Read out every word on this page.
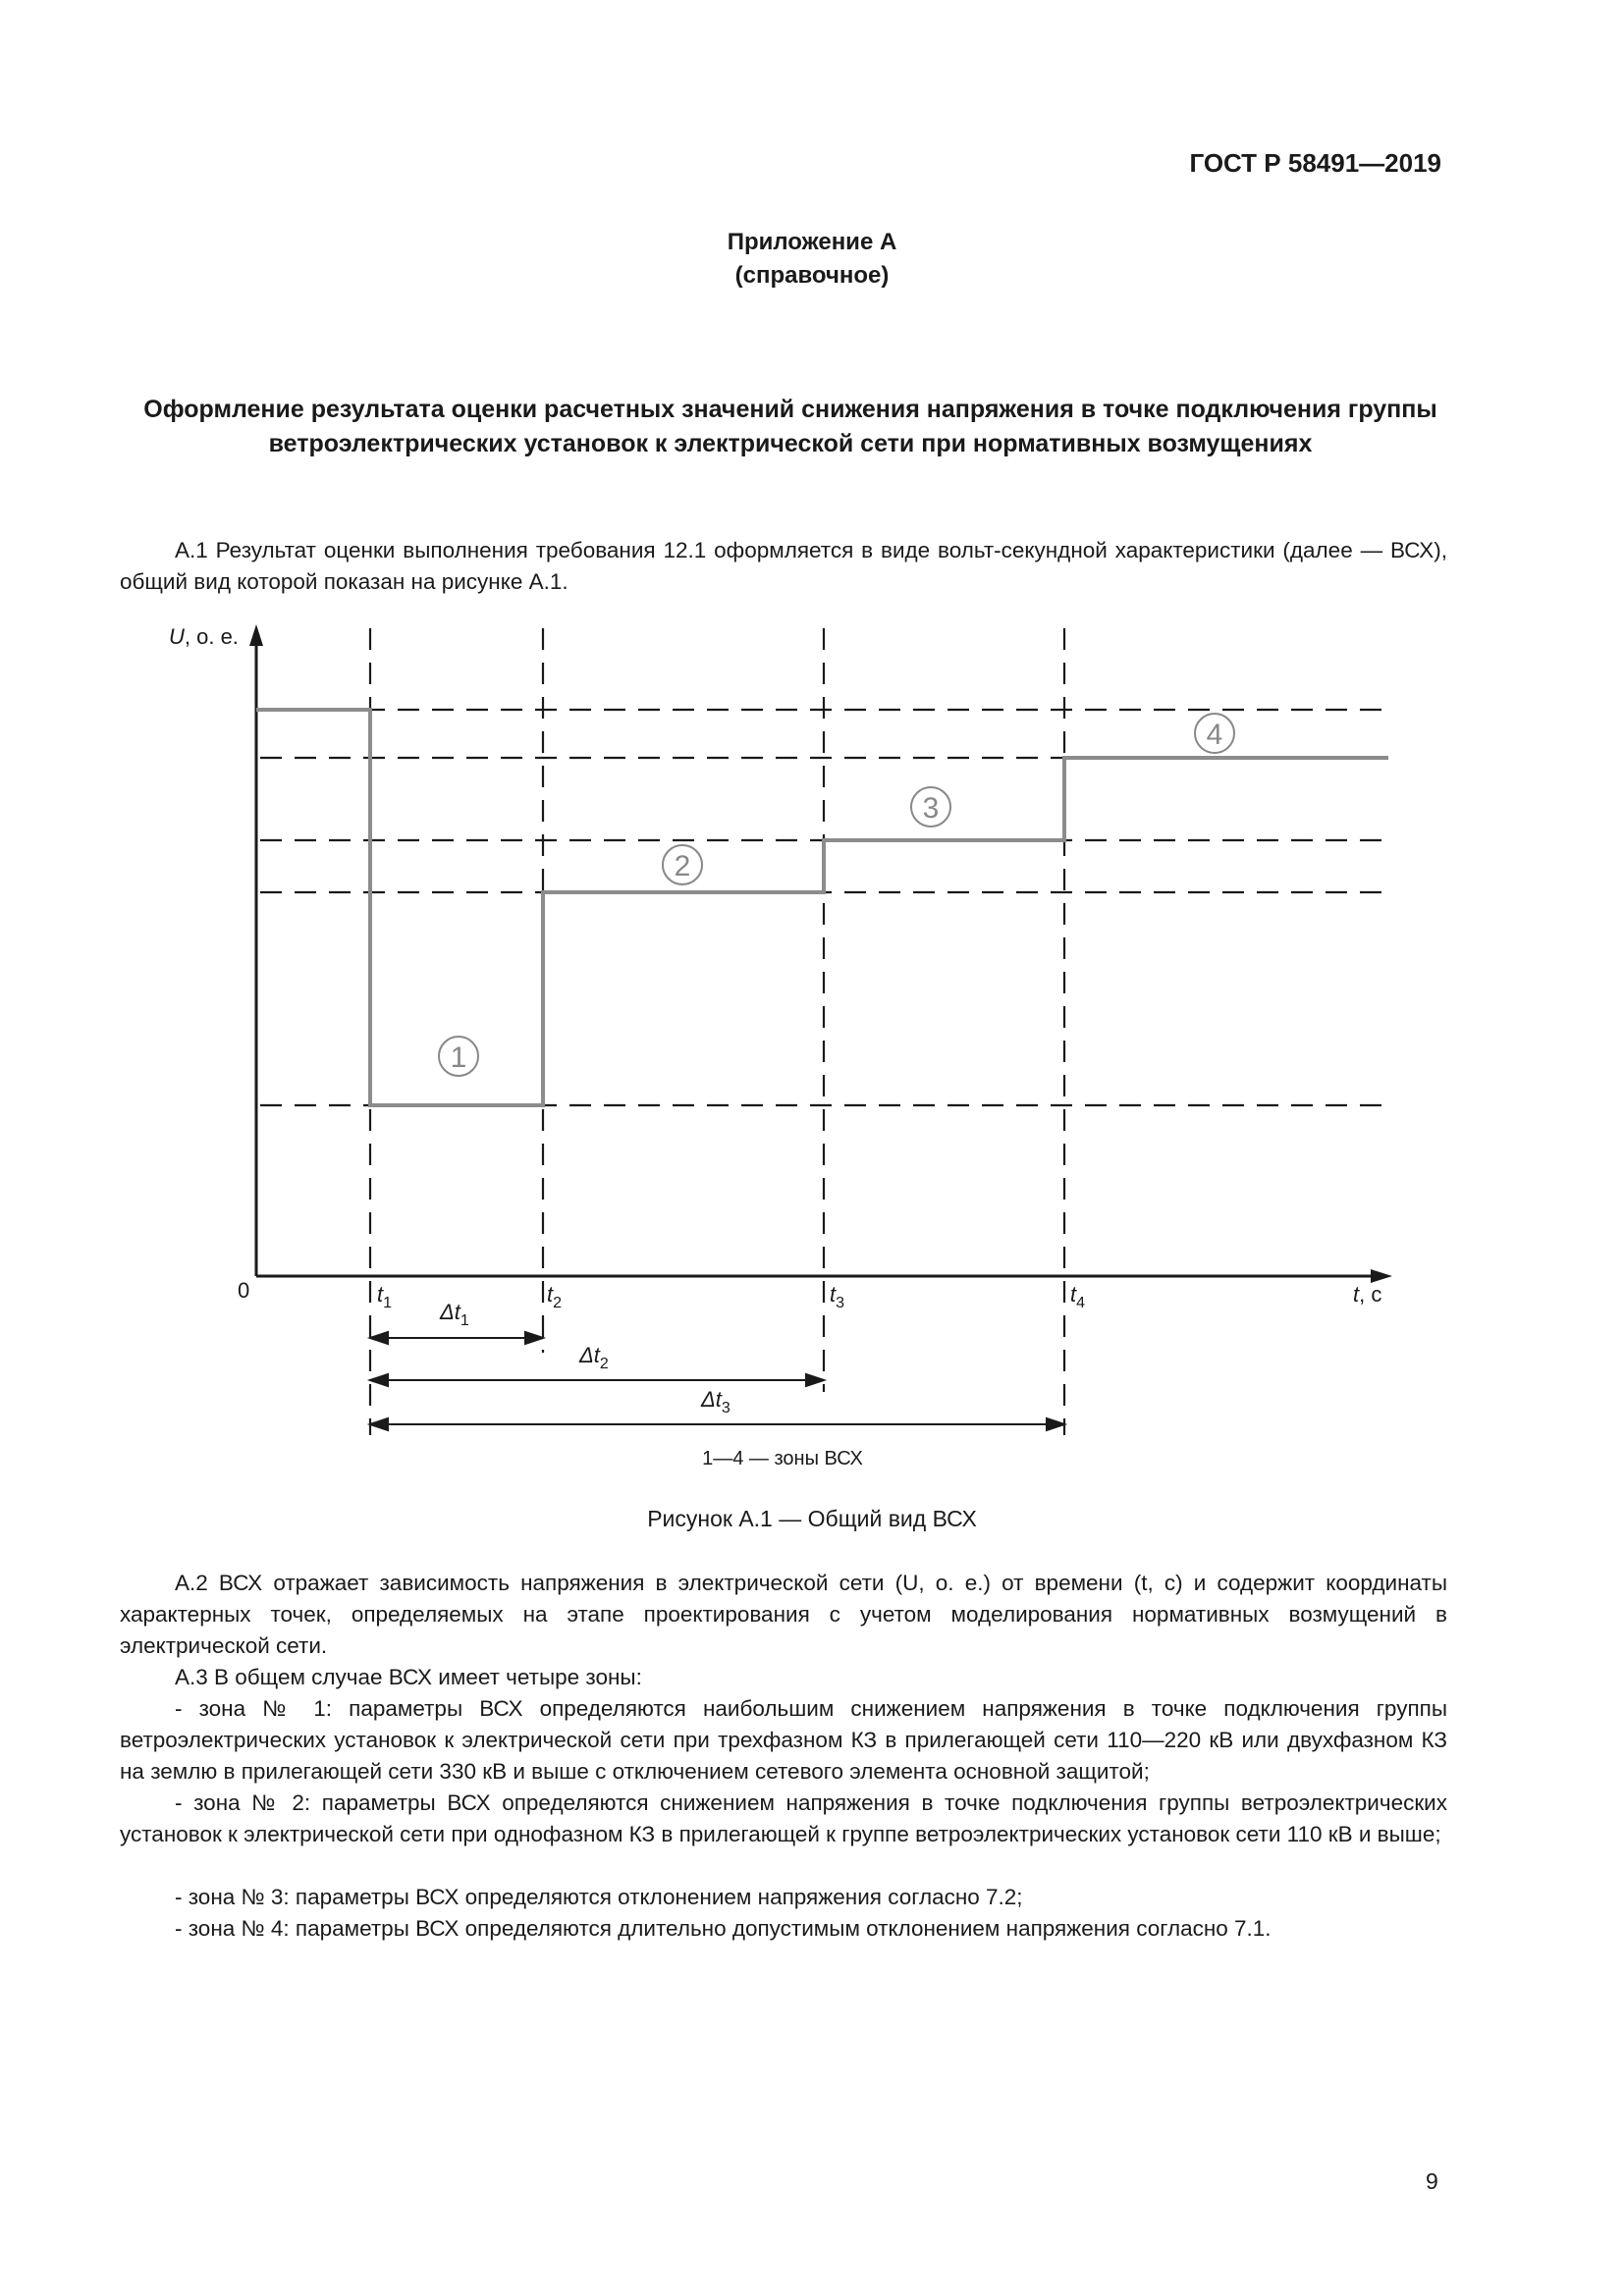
ГОСТ Р 58491—2019
Приложение А
(справочное)
Оформление результата оценки расчетных значений снижения напряжения в точке подключения группы ветроэлектрических установок к электрической сети при нормативных возмущениях

А.1 Результат оценки выполнения требования 12.1 оформляется в виде вольт-секундной характеристики (далее — ВСХ), общий вид которой показан на рисунке А.1.

1
2
3
4
U, о. е.
0	t, с
$t_1$	$t_2$	$t_3$	$t_4$
$\Delta t_1$
$\Delta t_2$
$\Delta t_3$
1—4 — зоны ВСХ
Рисунок А.1 — Общий вид ВСХ

А.2 ВСХ отражает зависимость напряжения в электрической сети (U, о. е.) от времени (t, с) и содержит координаты характерных точек, определяемых на этапе проектирования с учетом моделирования нормативных возмущений в электрической сети.

А.3 В общем случае ВСХ имеет четыре зоны:

- зона № 1: параметры ВСХ определяются наибольшим снижением напряжения в точке подключения группы ветроэлектрических установок к электрической сети при трехфазном КЗ в прилегающей сети 110—220 кВ или двухфазном КЗ на землю в прилегающей сети 330 кВ и выше с отключением сетевого элемента основной защитой;

- зона № 2: параметры ВСХ определяются снижением напряжения в точке подключения группы ветроэлектрических установок к электрической сети при однофазном КЗ в прилегающей к группе ветроэлектрических установок сети 110 кВ и выше;

- зона № 3: параметры ВСХ определяются отклонением напряжения согласно 7.2;

- зона № 4: параметры ВСХ определяются длительно допустимым отклонением напряжения согласно 7.1.

9
